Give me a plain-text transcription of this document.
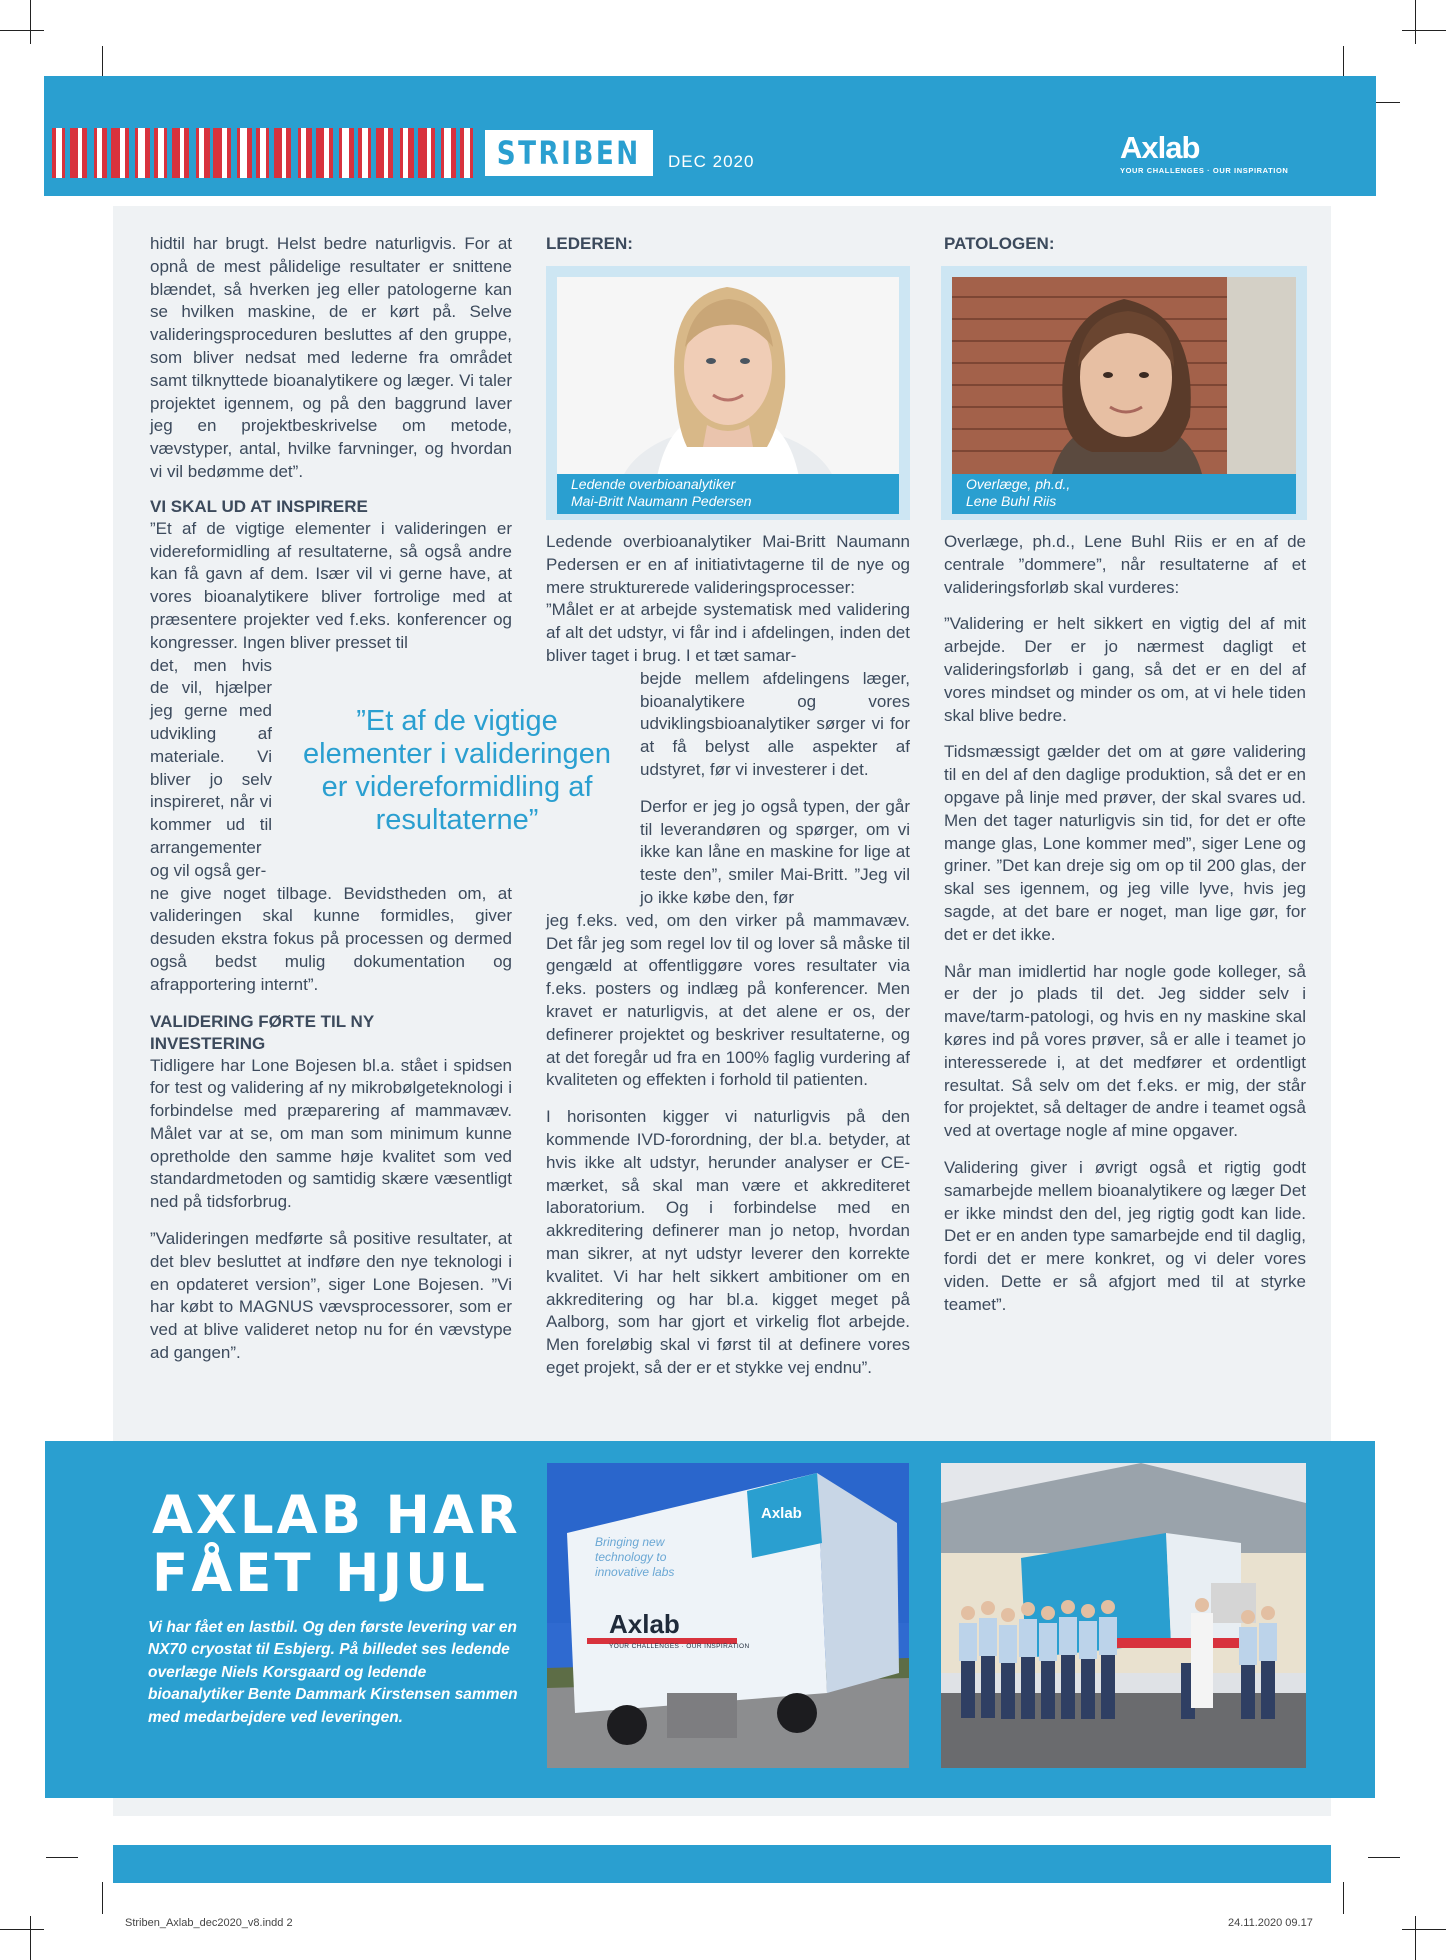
STRIBEN DEC 2020	Axlab
YOUR CHALLENGES · OUR INSPIRATION

hidtil har brugt. Helst bedre naturligvis. For at opnå de mest pålidelige resultater er snittene blændet, så hverken jeg eller patologerne kan se hvilken maskine, de er kørt på. Selve valideringsproceduren besluttes af den gruppe, som bliver nedsat med lederne fra området samt tilknyttede bioanalytikere og læger. Vi taler projektet igennem, og på den baggrund laver jeg en projektbeskrivelse om metode, vævstyper, antal, hvilke farvninger, og hvordan vi vil bedømme det”.

VI SKAL UD AT INSPIRERE
”Et af de vigtige elementer i valideringen er videreformidling af resultaterne, så også andre kan få gavn af dem. Især vil vi gerne have, at vores bioanalytikere bliver fortrolige med at præsentere projekter ved f.eks. konferencer og kongresser. Ingen bliver presset til
det, men hvis de vil, hjælper jeg gerne med udvikling af materiale. Vi bliver jo selv inspireret, når vi kommer ud til arrangementer og vil også ger-

ne give noget tilbage. Bevidstheden om, at valideringen skal kunne formidles, giver desuden ekstra fokus på processen og dermed også bedst mulig dokumentation og afrapportering internt”.

VALIDERING FØRTE TIL NY INVESTERING

Tidligere har Lone Bojesen bl.a. stået i spidsen for test og validering af ny mikrobølgeteknologi i forbindelse med præparering af mammavæv. Målet var at se, om man som minimum kunne opretholde den samme høje kvalitet som ved standardmetoden og samtidig skære væsentligt ned på tidsforbrug.

”Valideringen medførte så positive resultater, at det blev besluttet at indføre den nye teknologi i en opdateret version”, siger Lone Bojesen. ”Vi har købt to MAGNUS vævsprocessorer, som er ved at blive valideret netop nu for én vævstype ad gangen”.

”Et af de vigtige elementer i valideringen er videreformidling af resultaterne”
LEDEREN:
Ledende overbioanalytiker
Mai-Britt Naumann Pedersen
Ledende overbioanalytiker Mai-Britt Naumann Pedersen er en af initiativtagerne til de nye og mere strukturerede valideringsprocesser:
”Målet er at arbejde systematisk med validering af alt det udstyr, vi får ind i afdelingen, inden det bliver taget i brug. I et tæt samar-

bejde mellem afdelingens læger, bioanalytikere og vores udviklingsbioanalytiker sørger vi for at få belyst alle aspekter af udstyret, før vi investerer i det.

Derfor er jeg jo også typen, der går til leverandøren og spørger, om vi ikke kan låne en maskine for lige at teste den”, smiler Mai-Britt. ”Jeg vil jo ikke købe den, før

jeg f.eks. ved, om den virker på mammavæv. Det får jeg som regel lov til og lover så måske til gengæld at offentliggøre vores resultater via f.eks. posters og indlæg på konferencer. Men kravet er naturligvis, at det alene er os, der definerer projektet og beskriver resultaterne, og at det foregår ud fra en 100% faglig vurdering af kvaliteten og effekten i forhold til patienten.

I horisonten kigger vi naturligvis på den kommende IVD-forordning, der bl.a. betyder, at hvis ikke alt udstyr, herunder analyser er CE-mærket, så skal man være et akkrediteret laboratorium. Og i forbindelse med en akkreditering definerer man jo netop, hvordan man sikrer, at nyt udstyr leverer den korrekte kvalitet. Vi har helt sikkert ambitioner om en akkreditering og har bl.a. kigget meget på Aalborg, som har gjort et virkelig flot arbejde. Men foreløbig skal vi først til at definere vores eget projekt, så der er et stykke vej endnu”.

PATOLOGEN:
Overlæge, ph.d.,
Lene Buhl Riis

Overlæge, ph.d., Lene Buhl Riis er en af de centrale ”dommere”, når resultaterne af et valideringsforløb skal vurderes:

”Validering er helt sikkert en vigtig del af mit arbejde. Der er jo nærmest dagligt et valideringsforløb i gang, så det er en del af vores mindset og minder os om, at vi hele tiden skal blive bedre.

Tidsmæssigt gælder det om at gøre validering til en del af den daglige produktion, så det er en opgave på linje med prøver, der skal svares ud. Men det tager naturligvis sin tid, for det er ofte mange glas, Lone kommer med”, siger Lene og griner. ”Det kan dreje sig om op til 200 glas, der skal ses igennem, og jeg ville lyve, hvis jeg sagde, at det bare er noget, man lige gør, for det er det ikke.

Når man imidlertid har nogle gode kolleger, så er der jo plads til det. Jeg sidder selv i mave/tarm-patologi, og hvis en ny maskine skal køres ind på vores prøver, så er alle i teamet jo interesserede i, at det medfører et ordentligt resultat. Så selv om det f.eks. er mig, der står for projektet, så deltager de andre i teamet også ved at overtage nogle af mine opgaver.

Validering giver i øvrigt også et rigtig godt samarbejde mellem bioanalytikere og læger Det er ikke mindst den del, jeg rigtig godt kan lide. Det er en anden type samarbejde end til daglig, fordi det er mere konkret, og vi deler vores viden. Dette er så afgjort med til at styrke teamet”.

AXLAB HAR
FÅET HJUL
Vi har fået en lastbil. Og den første levering var en NX70 cryostat til Esbjerg. På billedet ses ledende overlæge Niels Korsgaard og ledende bioanalytiker Bente Dammark Kirstensen sammen med medarbejdere ved leveringen.
Bringing new technology to innovative labs
Axlab
YOUR CHALLENGES · OUR INSPIRATION
Axlab
Striben_Axlab_dec2020_v8.indd 2	24.11.2020 09.17
